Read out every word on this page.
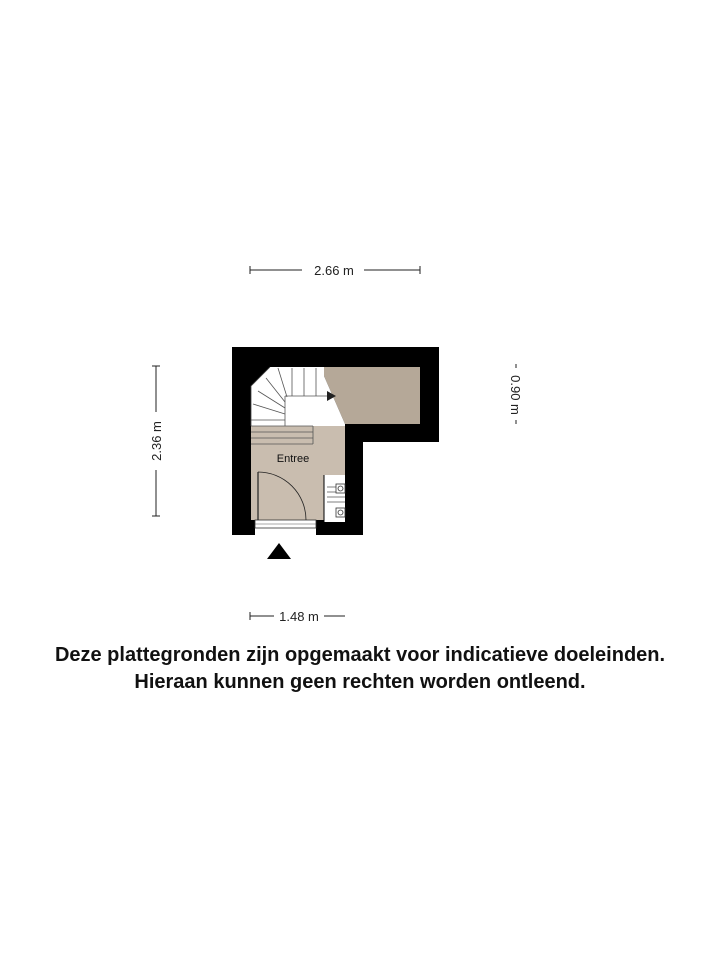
2.66 m
2.36 m
0.90 m
Entree
1.48 m
Deze plattegronden zijn opgemaakt voor indicatieve doeleinden.
Hieraan kunnen geen rechten worden ontleend.
